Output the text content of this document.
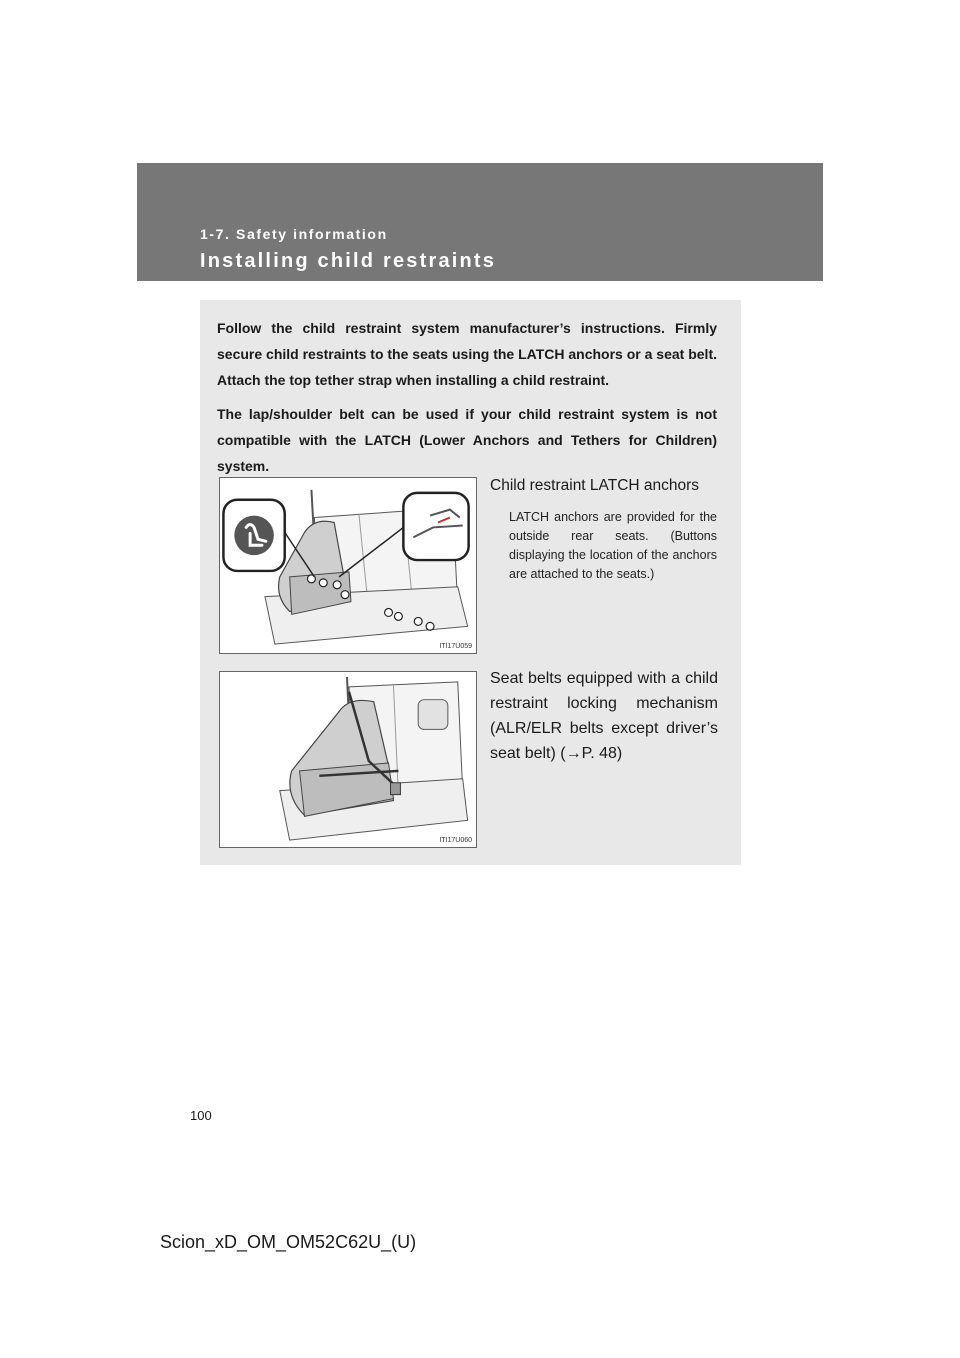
1-7. Safety information
Installing child restraints

Follow the child restraint system manufacturer’s instructions. Firmly secure child restraints to the seats using the LATCH anchors or a seat belt. Attach the top tether strap when installing a child restraint.

The lap/shoulder belt can be used if your child restraint system is not compatible with the LATCH (Lower Anchors and Tethers for Children) system.

ITI17U059
Child restraint LATCH anchors
LATCH anchors are provided for the outside rear seats. (Buttons displaying the location of the anchors are attached to the seats.)
ITI17U060
Seat belts equipped with a child restraint locking mechanism (ALR/ELR belts except driver’s seat belt) (→P. 48)
100
Scion_xD_OM_OM52C62U_(U)
